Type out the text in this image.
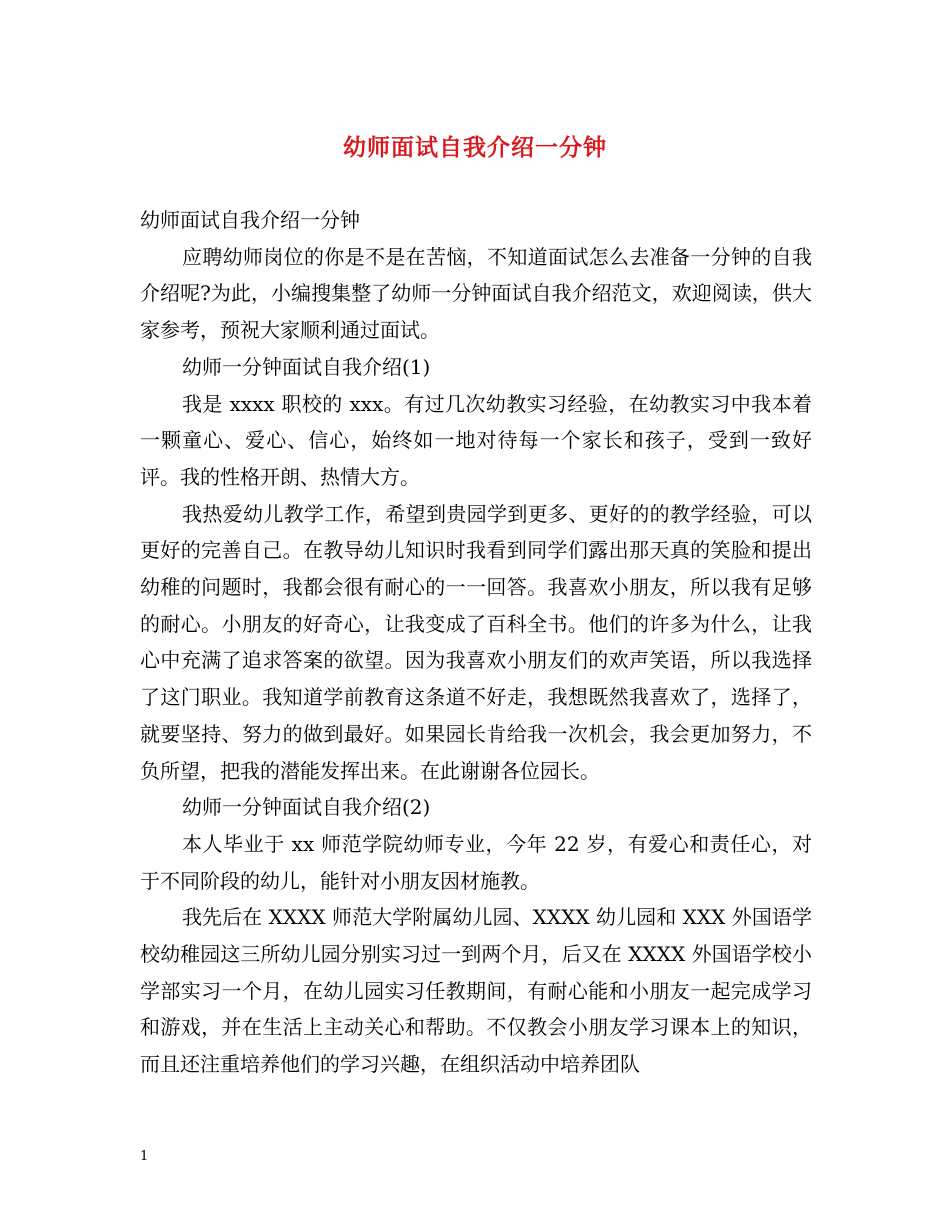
幼师面试自我介绍一分钟

幼师面试自我介绍一分钟

应聘幼师岗位的你是不是在苦恼，不知道面试怎么去准备一分钟的自我介绍呢?为此，小编搜集整了幼师一分钟面试自我介绍范文，欢迎阅读，供大家参考，预祝大家顺利通过面试。

幼师一分钟面试自我介绍(1)

我是 xxxx 职校的 xxx。有过几次幼教实习经验，在幼教实习中我本着一颗童心、爱心、信心，始终如一地对待每一个家长和孩子，受到一致好评。我的性格开朗、热情大方。

我热爱幼儿教学工作，希望到贵园学到更多、更好的的教学经验，可以更好的完善自己。在教导幼儿知识时我看到同学们露出那天真的笑脸和提出幼稚的问题时，我都会很有耐心的一一回答。我喜欢小朋友，所以我有足够的耐心。小朋友的好奇心，让我变成了百科全书。他们的许多为什么，让我心中充满了追求答案的欲望。因为我喜欢小朋友们的欢声笑语，所以我选择了这门职业。我知道学前教育这条道不好走，我想既然我喜欢了，选择了，就要坚持、努力的做到最好。如果园长肯给我一次机会，我会更加努力，不负所望，把我的潜能发挥出来。在此谢谢各位园长。

幼师一分钟面试自我介绍(2)

本人毕业于 xx 师范学院幼师专业，今年 22 岁，有爱心和责任心，对于不同阶段的幼儿，能针对小朋友因材施教。

我先后在 XXXX 师范大学附属幼儿园、XXXX 幼儿园和 XXX 外国语学校幼稚园这三所幼儿园分别实习过一到两个月，后又在 XXXX 外国语学校小学部实习一个月，在幼儿园实习任教期间，有耐心能和小朋友一起完成学习和游戏，并在生活上主动关心和帮助。不仅教会小朋友学习课本上的知识，而且还注重培养他们的学习兴趣，在组织活动中培养团队

1
